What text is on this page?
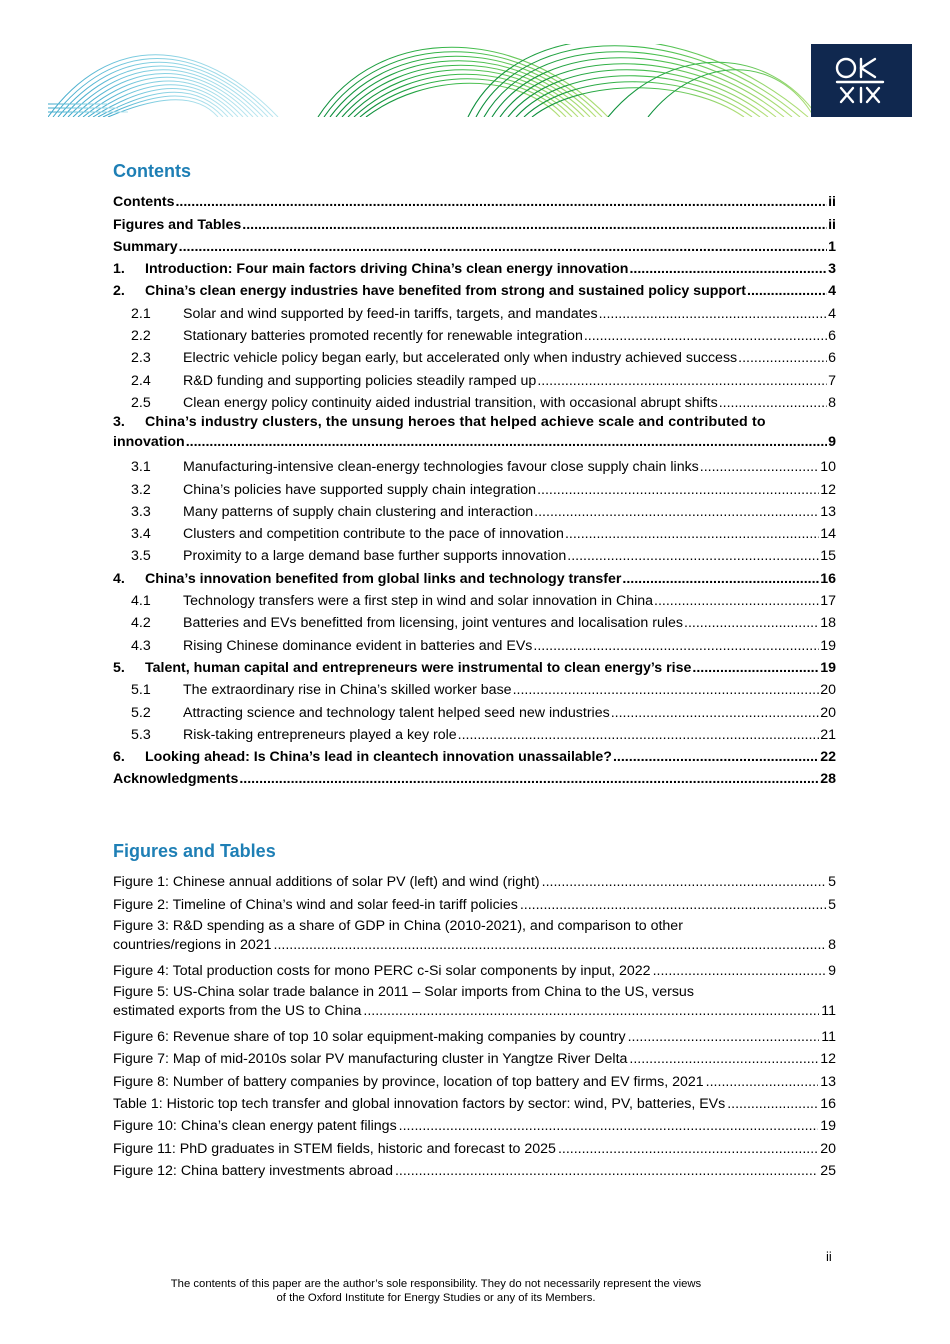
Contents
Contents .....	ii
Figures and Tables .....	ii
Summary .....	1
1.	Introduction: Four main factors driving China’s clean energy innovation .....	3
2.	China’s clean energy industries have benefited from strong and sustained policy support .....	4
2.1	Solar and wind supported by feed-in tariffs, targets, and mandates .....	4
2.2	Stationary batteries promoted recently for renewable integration .....	6
2.3	Electric vehicle policy began early, but accelerated only when industry achieved success .....	6
2.4	R&D funding and supporting policies steadily ramped up .....	7
2.5	Clean energy policy continuity aided industrial transition, with occasional abrupt shifts .....	8
3.	China’s industry clusters, the unsung heroes that helped achieve scale and contributed to
innovation .....	9
3.1	Manufacturing-intensive clean-energy technologies favour close supply chain links .....	10
3.2	China’s policies have supported supply chain integration .....	12
3.3	Many patterns of supply chain clustering and interaction .....	13
3.4	Clusters and competition contribute to the pace of innovation .....	14
3.5	Proximity to a large demand base further supports innovation .....	15
4.	China’s innovation benefited from global links and technology transfer .....	16
4.1	Technology transfers were a first step in wind and solar innovation in China .....	17
4.2	Batteries and EVs benefitted from licensing, joint ventures and localisation rules .....	18
4.3	Rising Chinese dominance evident in batteries and EVs .....	19
5.	Talent, human capital and entrepreneurs were instrumental to clean energy’s rise .....	19
5.1	The extraordinary rise in China’s skilled worker base .....	20
5.2	Attracting science and technology talent helped seed new industries .....	20
5.3	Risk-taking entrepreneurs played a key role .....	21
6.	Looking ahead: Is China’s lead in cleantech innovation unassailable? .....	22
Acknowledgments .....	28
Figures and Tables
Figure 1: Chinese annual additions of solar PV (left) and wind (right) .....	5
Figure 2: Timeline of China’s wind and solar feed-in tariff policies .....	5
Figure 3: R&D spending as a share of GDP in China (2010-2021), and comparison to other
countries/regions in 2021 .....	8
Figure 4: Total production costs for mono PERC c-Si solar components by input, 2022 .....	9
Figure 5: US-China solar trade balance in 2011 – Solar imports from China to the US, versus
estimated exports from the US to China .....	11
Figure 6: Revenue share of top 10 solar equipment-making companies by country .....	11
Figure 7: Map of mid-2010s solar PV manufacturing cluster in Yangtze River Delta .....	12
Figure 8: Number of battery companies by province, location of top battery and EV firms, 2021 .....	13
Table 1: Historic top tech transfer and global innovation factors by sector: wind, PV, batteries, EVs .....	16
Figure 10: China’s clean energy patent filings .....	19
Figure 11: PhD graduates in STEM fields, historic and forecast to 2025 .....	20
Figure 12: China battery investments abroad .....	25
ii
The contents of this paper are the author’s sole responsibility. They do not necessarily represent the views
of the Oxford Institute for Energy Studies or any of its Members.
